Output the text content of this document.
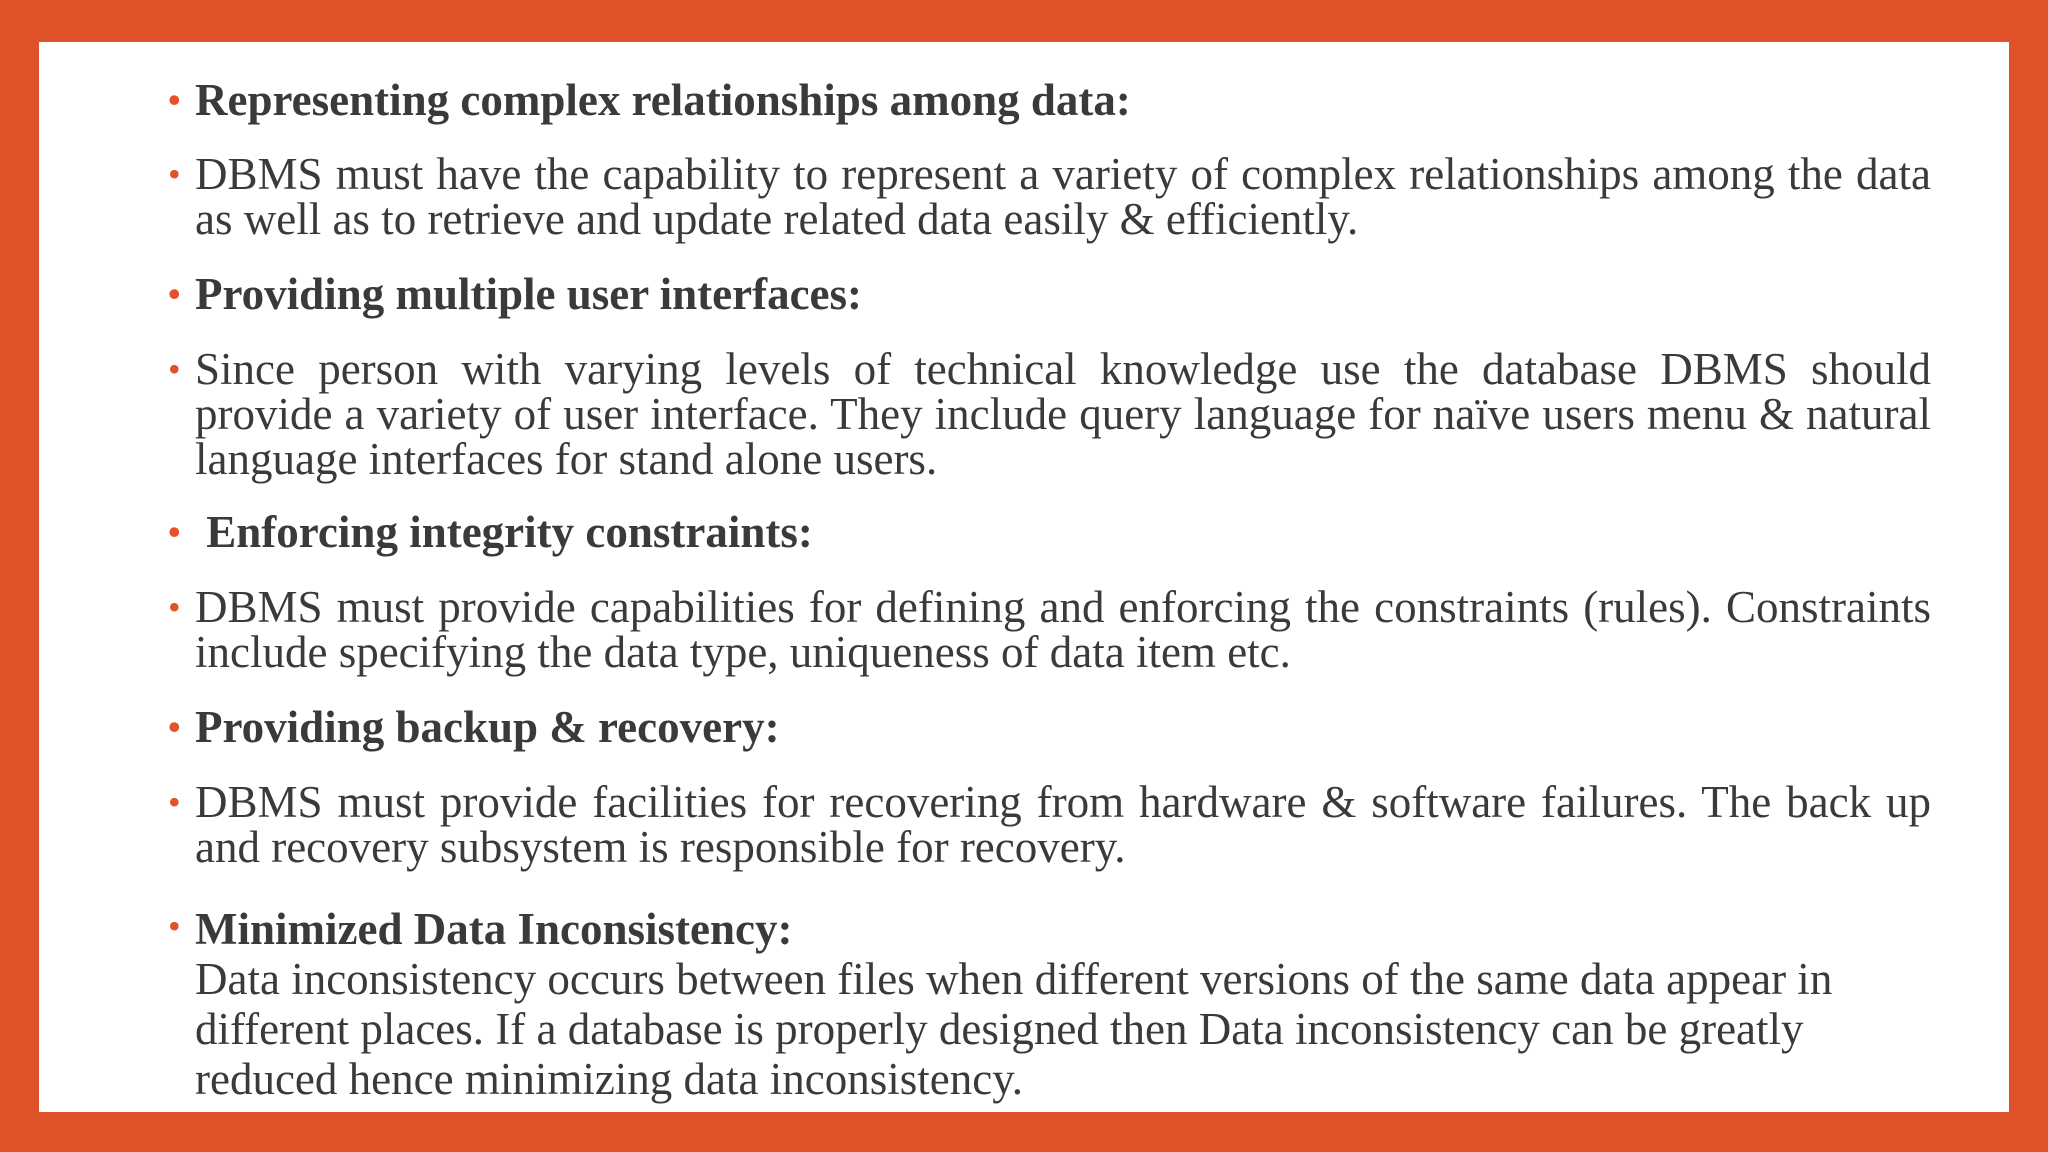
• Representing complex relationships among data:
• DBMS must have the capability to represent a variety of complex relationships among the data as well as to retrieve and update related data easily & efficiently.
• Providing multiple user interfaces:
• Since person with varying levels of technical knowledge use the database DBMS should provide a variety of user interface. They include query language for naïve users menu & natural language interfaces for stand alone users.
• Enforcing integrity constraints:
• DBMS must provide capabilities for defining and enforcing the constraints (rules). Constraints include specifying the data type, uniqueness of data item etc.
• Providing backup & recovery:
• DBMS must provide facilities for recovering from hardware & software failures. The back up and recovery subsystem is responsible for recovery.
• Minimized Data Inconsistency:
Data inconsistency occurs between files when different versions of the same data appear in different places. If a database is properly designed then Data inconsistency can be greatly reduced hence minimizing data inconsistency.
